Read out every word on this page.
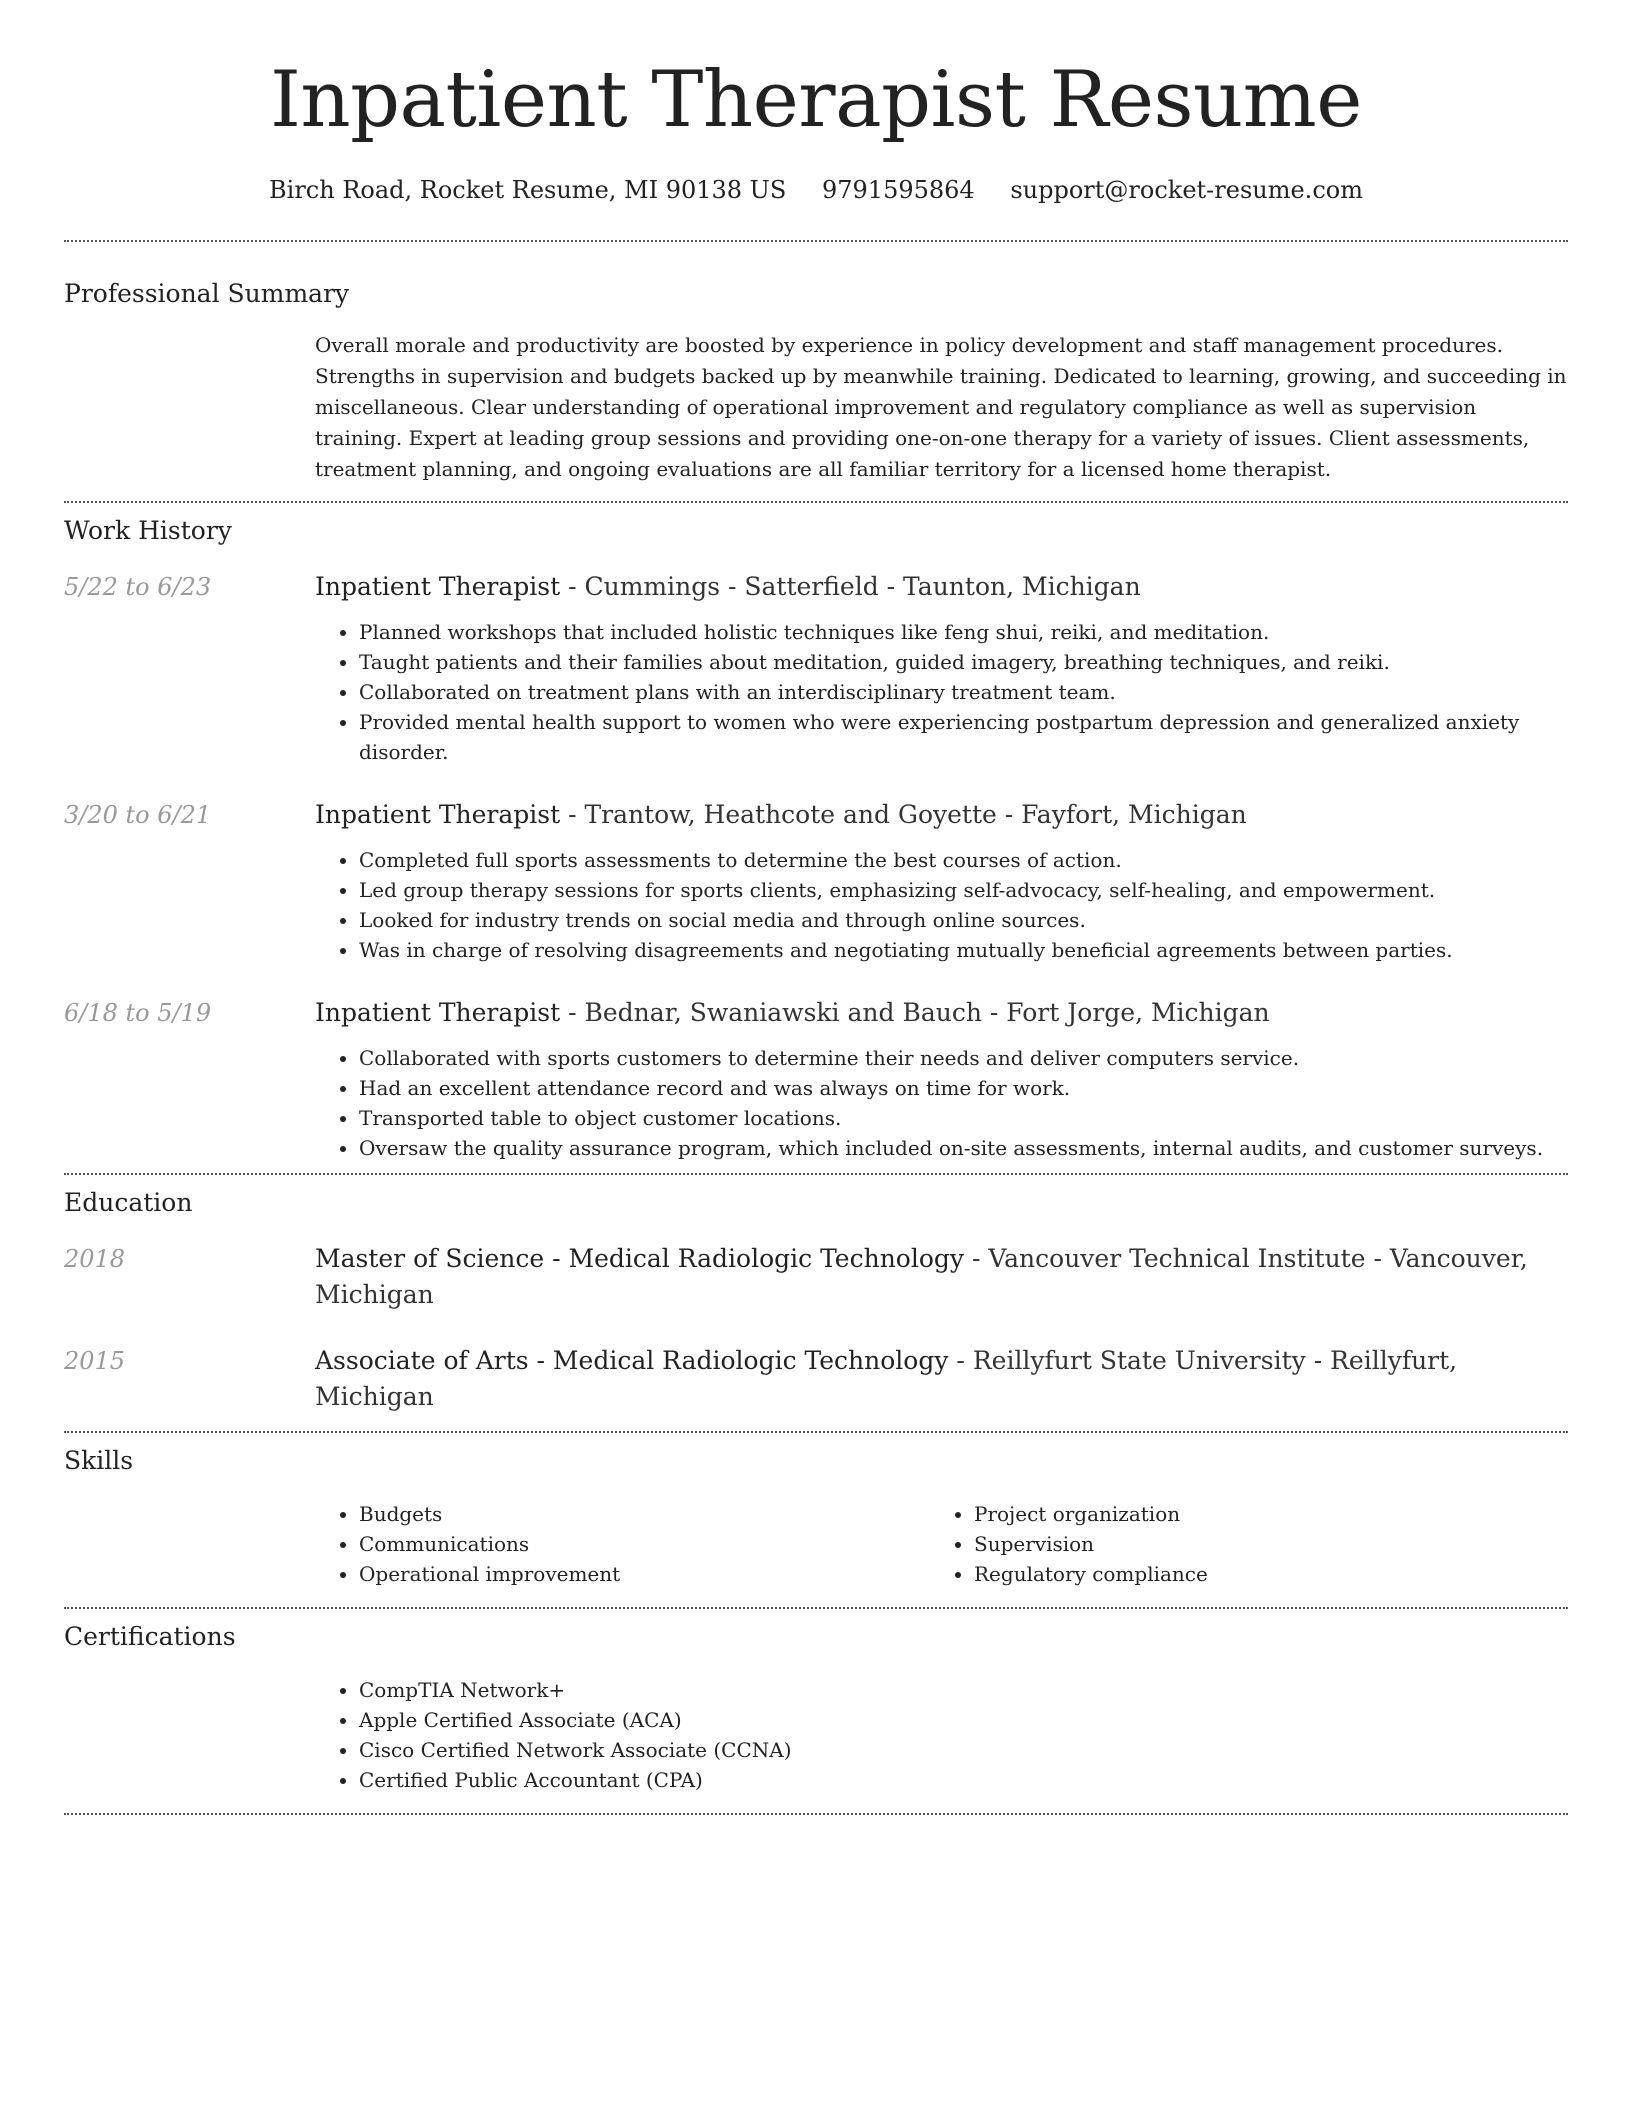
Inpatient Therapist Resume
Birch Road, Rocket Resume, MI 90138 US 9791595864 support@rocket-resume.com
Professional Summary

Overall morale and productivity are boosted by experience in policy development and staff management procedures. Strengths in supervision and budgets backed up by meanwhile training. Dedicated to learning, growing, and succeeding in miscellaneous. Clear understanding of operational improvement and regulatory compliance as well as supervision training. Expert at leading group sessions and providing one-on-one therapy for a variety of issues. Client assessments, treatment planning, and ongoing evaluations are all familiar territory for a licensed home therapist.

Work History
5/22 to 6/23	Inpatient Therapist - Cummings - Satterfield - Taunton, Michigan
• Planned workshops that included holistic techniques like feng shui, reiki, and meditation.
• Taught patients and their families about meditation, guided imagery, breathing techniques, and reiki.
• Collaborated on treatment plans with an interdisciplinary treatment team.
• Provided mental health support to women who were experiencing postpartum depression and generalized anxiety disorder.
3/20 to 6/21	Inpatient Therapist - Trantow, Heathcote and Goyette - Fayfort, Michigan
• Completed full sports assessments to determine the best courses of action.
• Led group therapy sessions for sports clients, emphasizing self-advocacy, self-healing, and empowerment.
• Looked for industry trends on social media and through online sources.
• Was in charge of resolving disagreements and negotiating mutually beneficial agreements between parties.
6/18 to 5/19	Inpatient Therapist - Bednar, Swaniawski and Bauch - Fort Jorge, Michigan
• Collaborated with sports customers to determine their needs and deliver computers service.
• Had an excellent attendance record and was always on time for work.
• Transported table to object customer locations.
• Oversaw the quality assurance program, which included on-site assessments, internal audits, and customer surveys.
Education
2018	Master of Science - Medical Radiologic Technology - Vancouver Technical Institute - Vancouver, Michigan
2015	Associate of Arts - Medical Radiologic Technology - Reillyfurt State University - Reillyfurt, Michigan
Skills
• Budgets
• Communications
• Operational improvement
• Project organization
• Supervision
• Regulatory compliance
Certifications
• CompTIA Network+
• Apple Certified Associate (ACA)
• Cisco Certified Network Associate (CCNA)
• Certified Public Accountant (CPA)
